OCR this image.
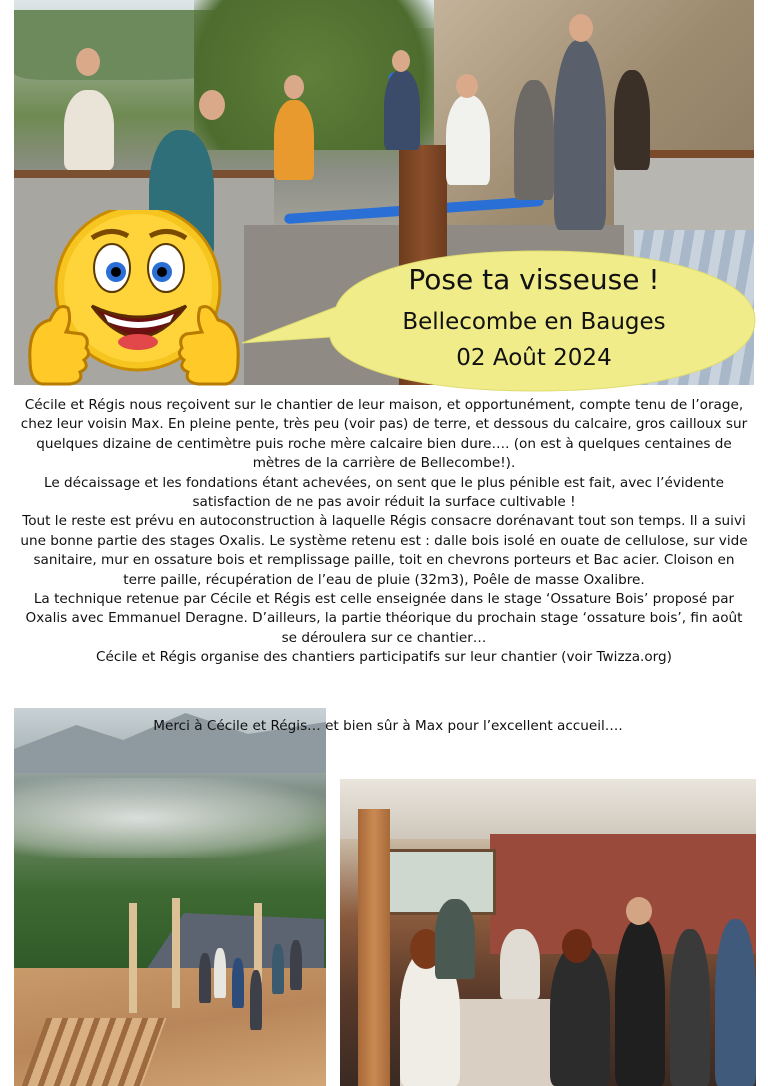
Pose ta visseuse !
Bellecombe en Bauges
02 Août 2024

Cécile et Régis nous reçoivent sur le chantier de leur maison, et opportunément, compte tenu de l’orage, chez leur voisin Max. En pleine pente, très peu (voir pas) de terre, et dessous du calcaire, gros cailloux sur quelques dizaine de centimètre puis roche mère calcaire bien dure…. (on est à quelques centaines de mètres de la carrière de Bellecombe!).

Le décaissage et les fondations étant achevées, on sent que le plus pénible est fait, avec l’évidente satisfaction de ne pas avoir réduit la surface cultivable !

Tout le reste est prévu en autoconstruction à laquelle Régis consacre dorénavant tout son temps. Il a suivi une bonne partie des stages Oxalis. Le système retenu est : dalle bois isolé en ouate de cellulose, sur vide sanitaire, mur en ossature bois et remplissage paille, toit en chevrons porteurs et Bac acier. Cloison en terre paille, récupération de l’eau de pluie (32m3), Poêle de masse Oxalibre.

La technique retenue par Cécile et Régis est celle enseignée dans le stage ‘Ossature Bois’ proposé par Oxalis avec Emmanuel Deragne. D’ailleurs, la partie théorique du prochain stage ‘ossature bois’, fin août se déroulera sur ce chantier…

Cécile et Régis organise des chantiers participatifs sur leur chantier (voir Twizza.org)

Merci à Cécile et Régis… et bien sûr à Max pour l’excellent accueil….
